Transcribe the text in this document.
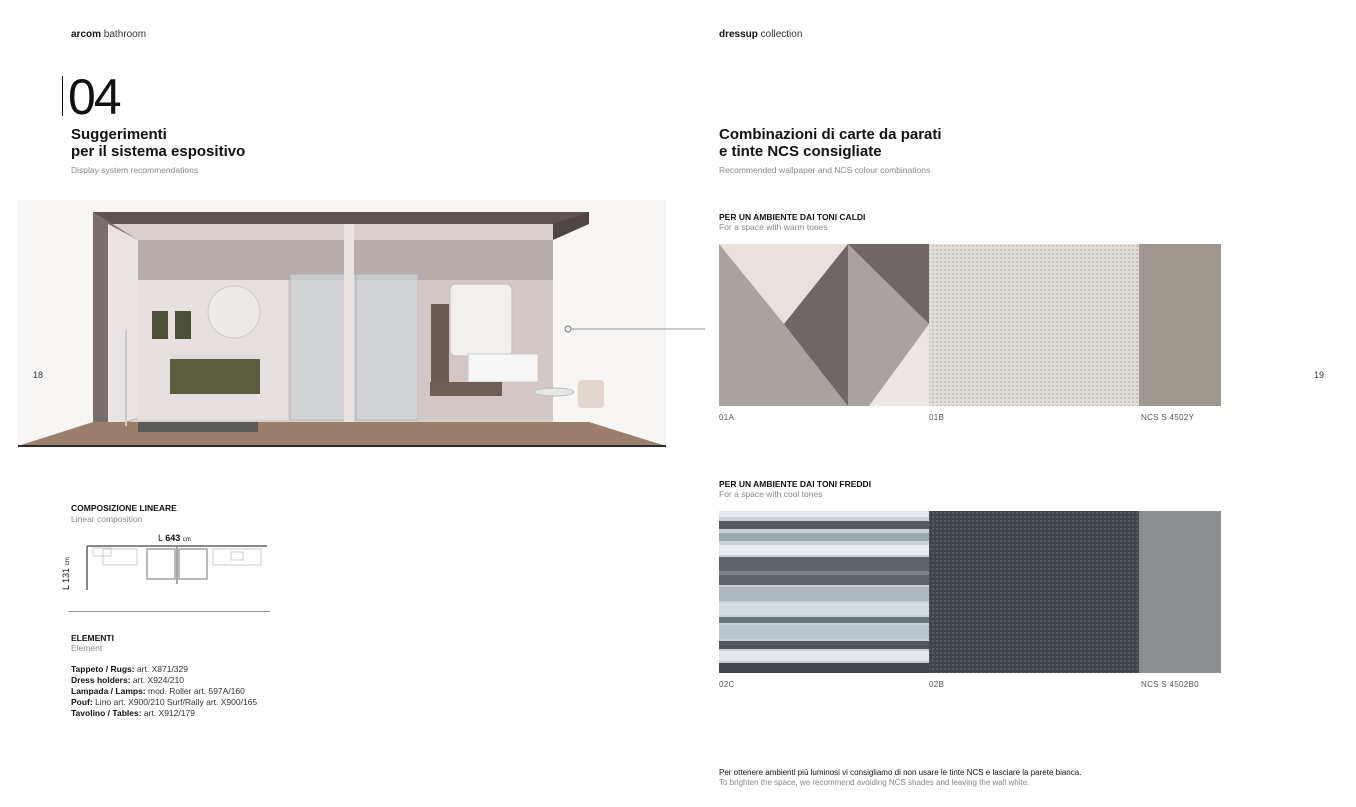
arcom bathroom
04
Suggerimenti
per il sistema espositivo
Display system recommendations
18
COMPOSIZIONE LINEARE
Linear composition
L 643 cm
L 131 cm
ELEMENTI
Element
Tappeto / Rugs: art. X871/329
Dress holders: art. X924/210
Lampada / Lamps: mod. Roller art. 597A/160
Pouf: Lino art. X900/210 Surf/Rally art. X900/165
Tavolino / Tables: art. X912/179
dressup collection
Combinazioni di carte da parati
e tinte NCS consigliate
Recommended wallpaper and NCS colour combinations
19
PER UN AMBIENTE DAI TONI CALDI
For a space with warm tones
01A	01B	NCS S 4502Y
PER UN AMBIENTE DAI TONI FREDDI
For a space with cool tones
02C	02B	NCS S 4502B0
Per ottenere ambienti più luminosi vi consigliamo di non usare le tinte NCS e lasciare la parete bianca.
To brighten the space, we recommend avoiding NCS shades and leaving the wall white.
